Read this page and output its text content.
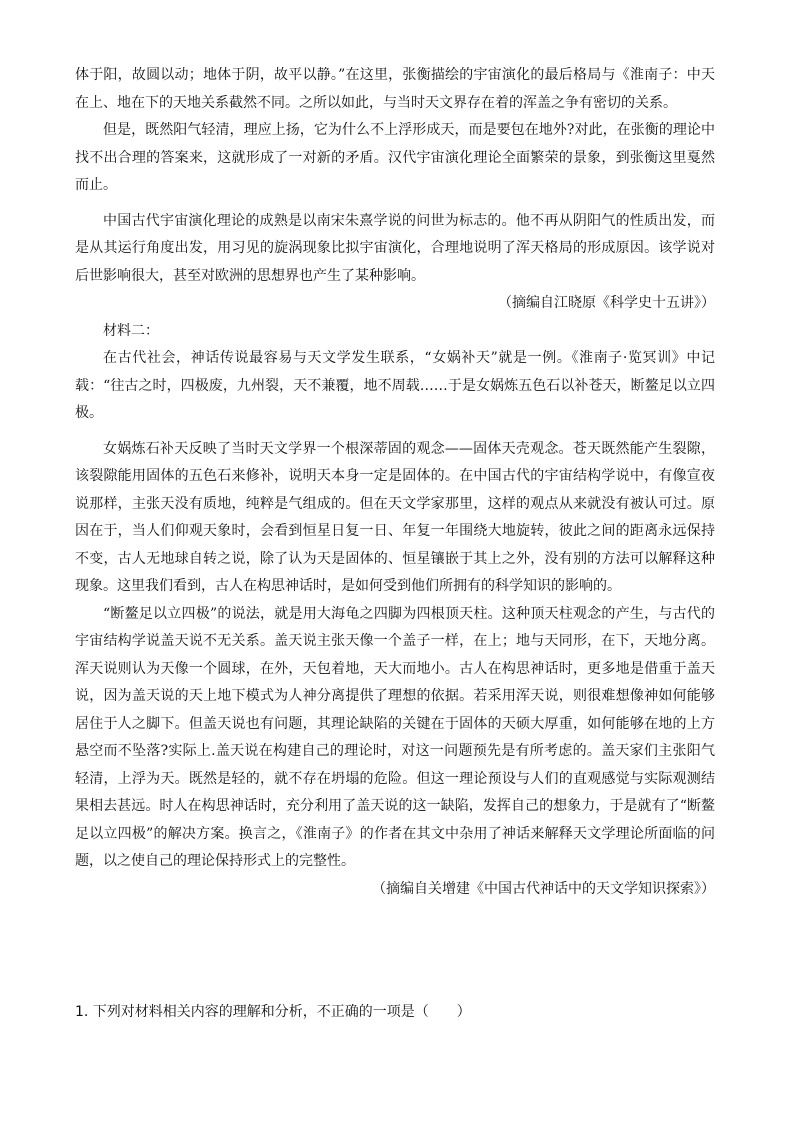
体于阳，故圆以动；地体于阴，故平以静。”在这里，张衡描绘的宇宙演化的最后格局与《淮南子：中天在上、地在下的天地关系截然不同。之所以如此，与当时天文界存在着的浑盖之争有密切的关系。

但是，既然阳气轻清，理应上扬，它为什么不上浮形成天，而是要包在地外?对此，在张衡的理论中找不出合理的答案来，这就形成了一对新的矛盾。汉代宇宙演化理论全面繁荣的景象，到张衡这里戛然而止。

中国古代宇宙演化理论的成熟是以南宋朱熹学说的问世为标志的。他不再从阴阳气的性质出发，而是从其运行角度出发，用习见的旋涡现象比拟宇宙演化，合理地说明了浑天格局的形成原因。该学说对后世影响很大，甚至对欧洲的思想界也产生了某种影响。

（摘编自江晓原《科学史十五讲》）

材料二：

在古代社会，神话传说最容易与天文学发生联系，“女娲补天”就是一例。《淮南子·览冥训》中记载：“往古之时，四极废，九州裂，天不兼覆，地不周载……于是女娲炼五色石以补苍天，断鳌足以立四极。

女娲炼石补天反映了当时天文学界一个根深蒂固的观念——固体天壳观念。苍天既然能产生裂隙，该裂隙能用固体的五色石来修补，说明天本身一定是固体的。在中国古代的宇宙结构学说中，有像宣夜说那样，主张天没有质地，纯粹是气组成的。但在天文学家那里，这样的观点从来就没有被认可过。原因在于，当人们仰观天象时，会看到恒星日复一日、年复一年围绕大地旋转，彼此之间的距离永远保持不变，古人无地球自转之说，除了认为天是固体的、恒星镶嵌于其上之外，没有别的方法可以解释这种现象。这里我们看到，古人在构思神话时，是如何受到他们所拥有的科学知识的影响的。

“断鳌足以立四极”的说法，就是用大海龟之四脚为四根顶天柱。这种顶天柱观念的产生，与古代的宇宙结构学说盖天说不无关系。盖天说主张天像一个盖子一样，在上；地与天同形，在下，天地分离。浑天说则认为天像一个圆球，在外，天包着地，天大而地小。古人在构思神话时，更多地是借重于盖天说，因为盖天说的天上地下模式为人神分离提供了理想的依据。若采用浑天说，则很难想像神如何能够居住于人之脚下。但盖天说也有问题，其理论缺陷的关键在于固体的天硕大厚重，如何能够在地的上方悬空而不坠落?实际上.盖天说在构建自己的理论时，对这一问题预先是有所考虑的。盖天家们主张阳气轻清，上浮为天。既然是轻的，就不存在坍塌的危险。但这一理论预设与人们的直观感觉与实际观测结果相去甚远。时人在构思神话时，充分利用了盖天说的这一缺陷，发挥自己的想象力，于是就有了“断鳌足以立四极”的解决方案。换言之，《淮南子》的作者在其文中杂用了神话来解释天文学理论所面临的问题，以之使自己的理论保持形式上的完整性。

（摘编自关增建《中国古代神话中的天文学知识探索》）

1. 下列对材料相关内容的理解和分析，不正确的一项是（　　）
